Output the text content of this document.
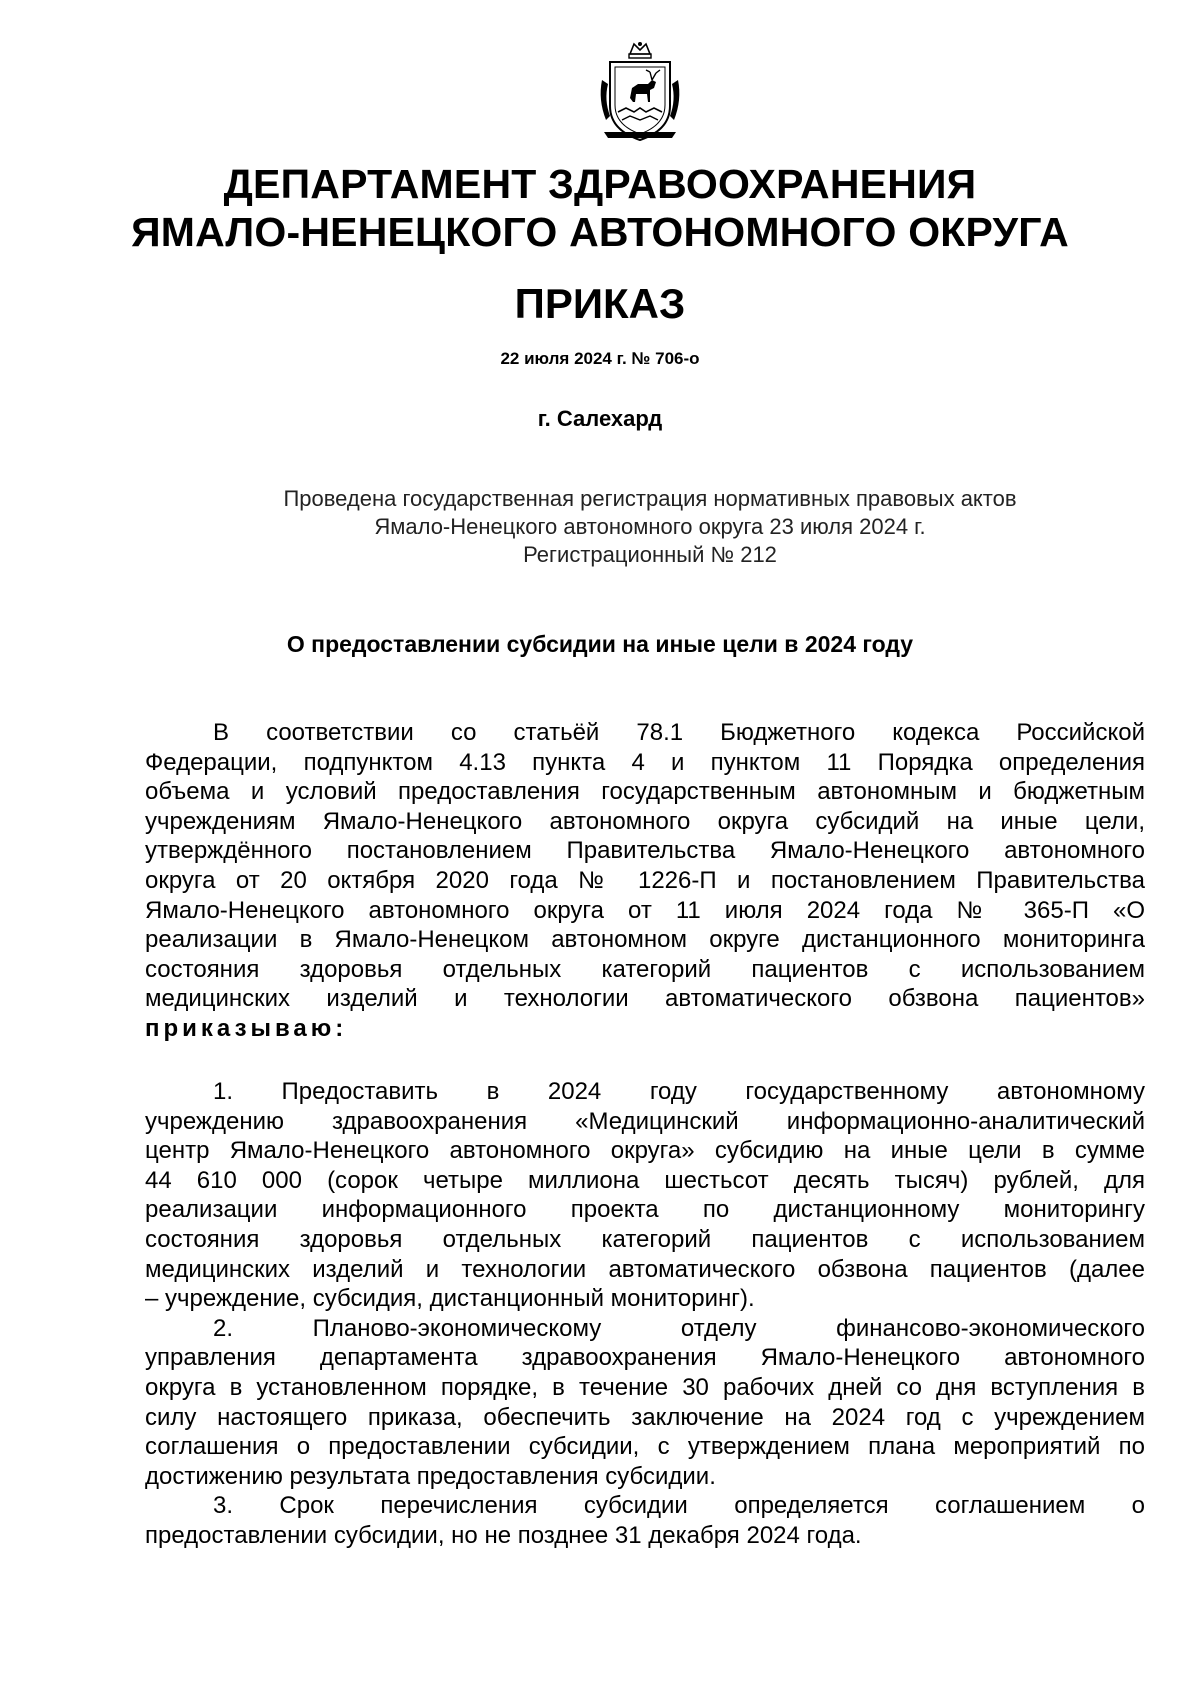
ДЕПАРТАМЕНТ ЗДРАВООХРАНЕНИЯ
ЯМАЛО-НЕНЕЦКОГО АВТОНОМНОГО ОКРУГА
ПРИКАЗ
22 июля 2024 г. № 706-о
г. Салехард
Проведена государственная регистрация нормативных правовых актов
Ямало-Ненецкого автономного округа 23 июля 2024 г.
Регистрационный № 212
О предоставлении субсидии на иные цели в 2024 году
В соответствии со статьёй 78.1 Бюджетного кодекса Российской
Федерации, подпунктом 4.13 пункта 4 и пунктом 11 Порядка определения
объема и условий предоставления государственным автономным и бюджетным
учреждениям Ямало-Ненецкого автономного округа субсидий на иные цели,
утверждённого постановлением Правительства Ямало-Ненецкого автономного
округа от 20 октября 2020 года № 1226-П и постановлением Правительства
Ямало-Ненецкого автономного округа от 11 июля 2024 года № 365-П «О
реализации в Ямало-Ненецком автономном округе дистанционного мониторинга
состояния здоровья отдельных категорий пациентов с использованием
медицинских изделий и технологии автоматического обзвона пациентов»
приказываю:
1. Предоставить в 2024 году государственному автономному
учреждению здравоохранения «Медицинский информационно-аналитический
центр Ямало-Ненецкого автономного округа» субсидию на иные цели в сумме
44 610 000 (сорок четыре миллиона шестьсот десять тысяч) рублей, для
реализации информационного проекта по дистанционному мониторингу
состояния здоровья отдельных категорий пациентов с использованием
медицинских изделий и технологии автоматического обзвона пациентов (далее
– учреждение, субсидия, дистанционный мониторинг).
2. Планово-экономическому отделу финансово-экономического
управления департамента здравоохранения Ямало-Ненецкого автономного
округа в установленном порядке, в течение 30 рабочих дней со дня вступления в
силу настоящего приказа, обеспечить заключение на 2024 год с учреждением
соглашения о предоставлении субсидии, с утверждением плана мероприятий по
достижению результата предоставления субсидии.
3. Срок перечисления субсидии определяется соглашением о
предоставлении субсидии, но не позднее 31 декабря 2024 года.
